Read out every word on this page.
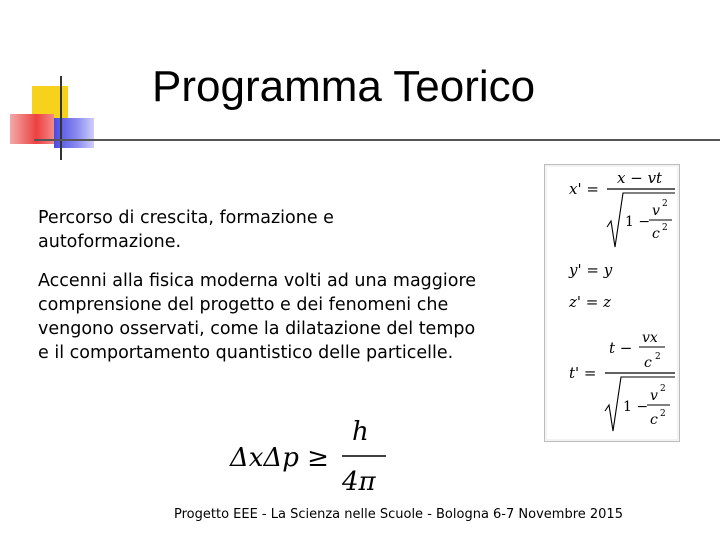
Programma Teorico

Percorso di crescita, formazione e autoformazione.

Accenni alla fisica moderna volti ad una maggiore comprensione del progetto e dei fenomeni che vengono osservati, come la dilatazione del tempo e il comportamento quantistico delle particelle.

x' =
x − vt
1 −
v 2
c 2
y' = y
z' = z
t' =
t −
vx
c 2
1 −
v 2
c 2
ΔxΔp ≥
h
4π
Progetto EEE - La Scienza nelle Scuole - Bologna 6-7 Novembre 2015
